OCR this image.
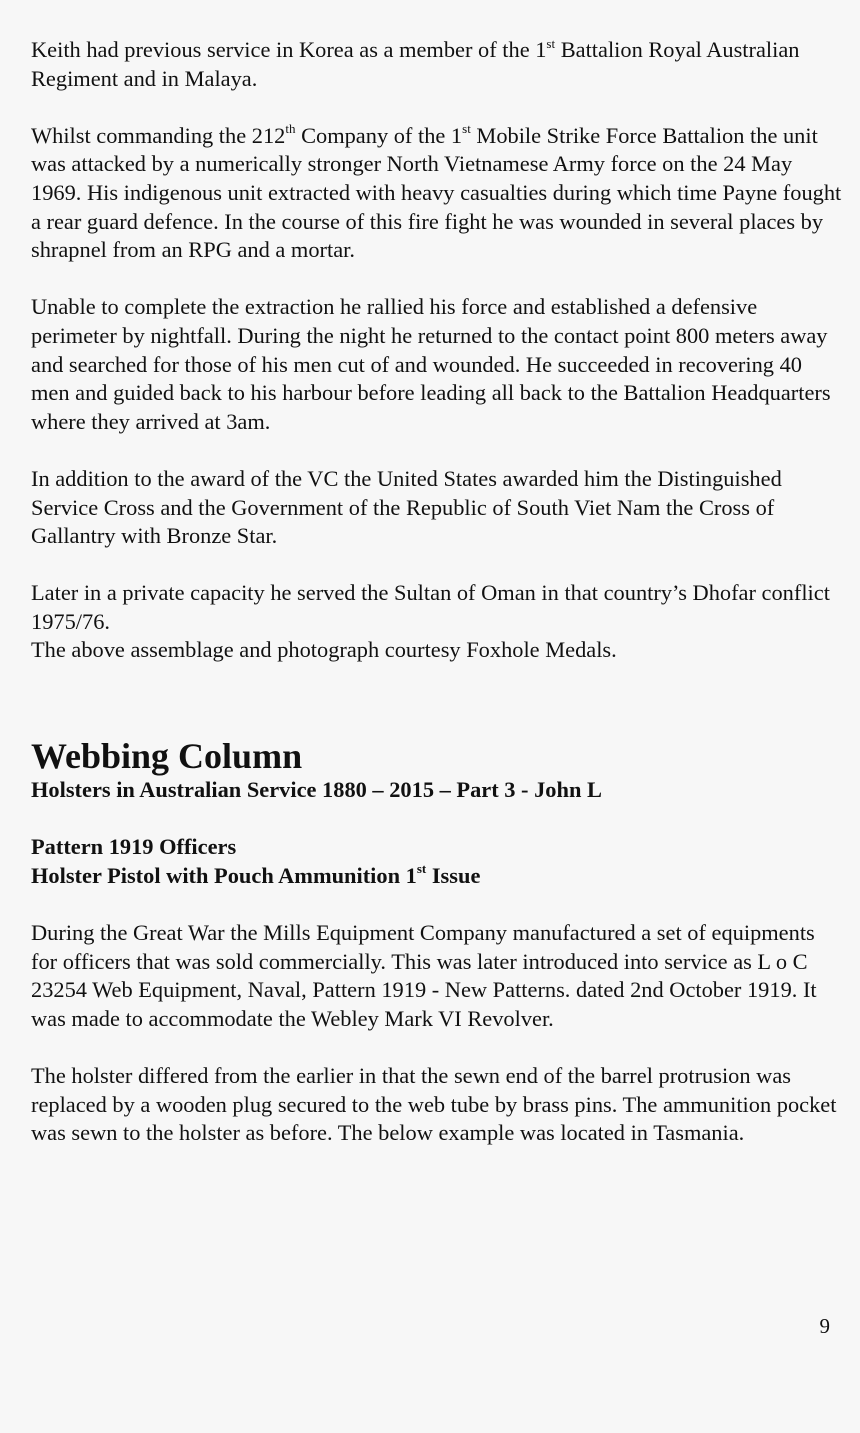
Keith had previous service in Korea as a member of the 1st Battalion Royal Australian Regiment and in Malaya.

Whilst commanding the 212th Company of the 1st Mobile Strike Force Battalion the unit was attacked by a numerically stronger North Vietnamese Army force on the 24 May 1969. His indigenous unit extracted with heavy casualties during which time Payne fought a rear guard defence. In the course of this fire fight he was wounded in several places by shrapnel from an RPG and a mortar.

Unable to complete the extraction he rallied his force and established a defensive perimeter by nightfall. During the night he returned to the contact point 800 meters away and searched for those of his men cut of and wounded. He succeeded in recovering 40 men and guided back to his harbour before leading all back to the Battalion Headquarters where they arrived at 3am.

In addition to the award of the VC the United States awarded him the Distinguished Service Cross and the Government of the Republic of South Viet Nam the Cross of Gallantry with Bronze Star.

Later in a private capacity he served the Sultan of Oman in that country’s Dhofar conflict 1975/76.

The above assemblage and photograph courtesy Foxhole Medals.

Webbing Column
Holsters in Australian Service 1880 – 2015 – Part 3 - John L
Pattern 1919 Officers
Holster Pistol with Pouch Ammunition 1st Issue

During the Great War the Mills Equipment Company manufactured a set of equipments for officers that was sold commercially. This was later introduced into service as L o C 23254 Web Equipment, Naval, Pattern 1919 - New Patterns. dated 2nd October 1919. It was made to accommodate the Webley Mark VI Revolver.

The holster differed from the earlier in that the sewn end of the barrel protrusion was replaced by a wooden plug secured to the web tube by brass pins. The ammunition pocket was sewn to the holster as before. The below example was located in Tasmania.

9
